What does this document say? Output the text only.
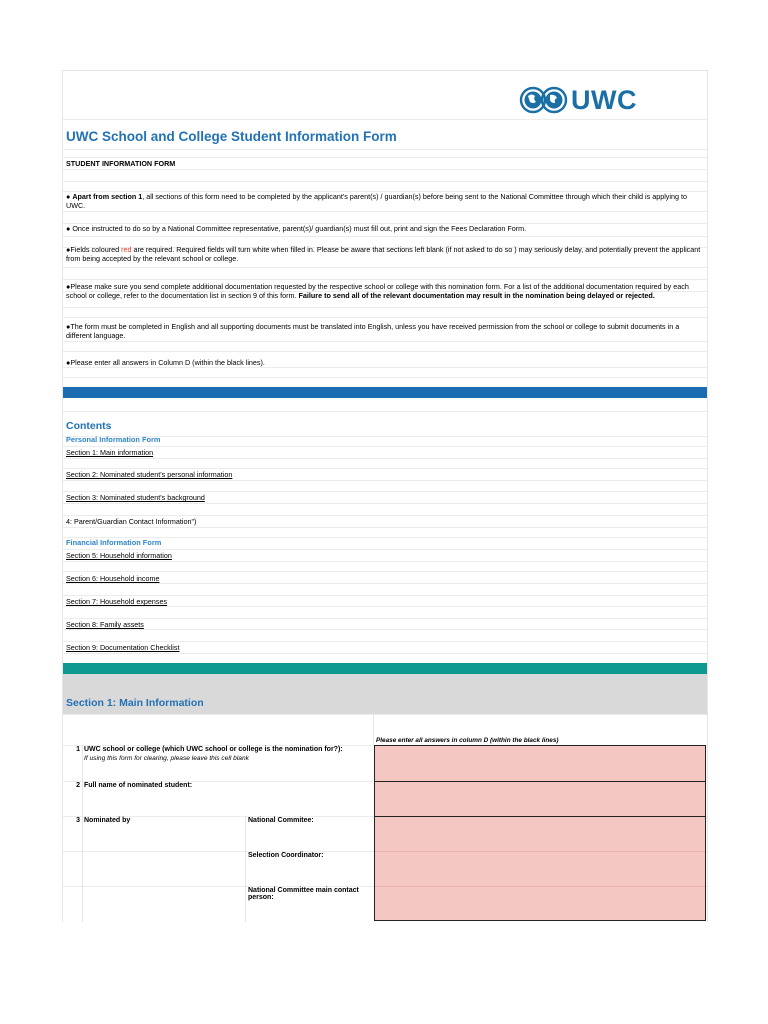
UWC
UWC School and College Student Information Form
STUDENT INFORMATION FORM
● Apart from section 1, all sections of this form need to be completed by the applicant's parent(s) / guardian(s) before being sent to the National Committee through which their child is applying to UWC.
● Once instructed to do so by a National Committee representative, parent(s)/ guardian(s) must fill out, print and sign the Fees Declaration Form.
●Fields coloured red are required. Required fields will turn white when filled in. Please be aware that sections left blank (if not asked to do so ) may seriously delay, and potentially prevent the applicant from being accepted by the relevant school or college.
●Please make sure you send complete additional documentation requested by the respective school or college with this nomination form. For a list of the additional documentation required by each school or college, refer to the documentation list in section 9 of this form. Failure to send all of the relevant documentation may result in the nomination being delayed or rejected.
●The form must be completed in English and all supporting documents must be translated into English, unless you have received permission from the school or college to submit documents in a different language.
●Please enter all answers in Column D (within the black lines).
Contents
Personal Information Form
Section 1: Main information
Section 2: Nominated student's personal information
Section 3: Nominated student's background
4: Parent/Guardian Contact Information")
Financial Information Form
Section 5: Household information
Section 6: Household income
Section 7: Household expenses
Section 8: Family assets
Section 9: Documentation Checklist
Section 1: Main Information
Please enter all answers in column D (within the black lines)
1 UWC school or college (which UWC school or college is the nomination for?):
If using this form for clearing, please leave this cell blank
2 Full name of nominated student:
3 Nominated by	National Commitee:
Selection Coordinator:
National Committee main contact person:
